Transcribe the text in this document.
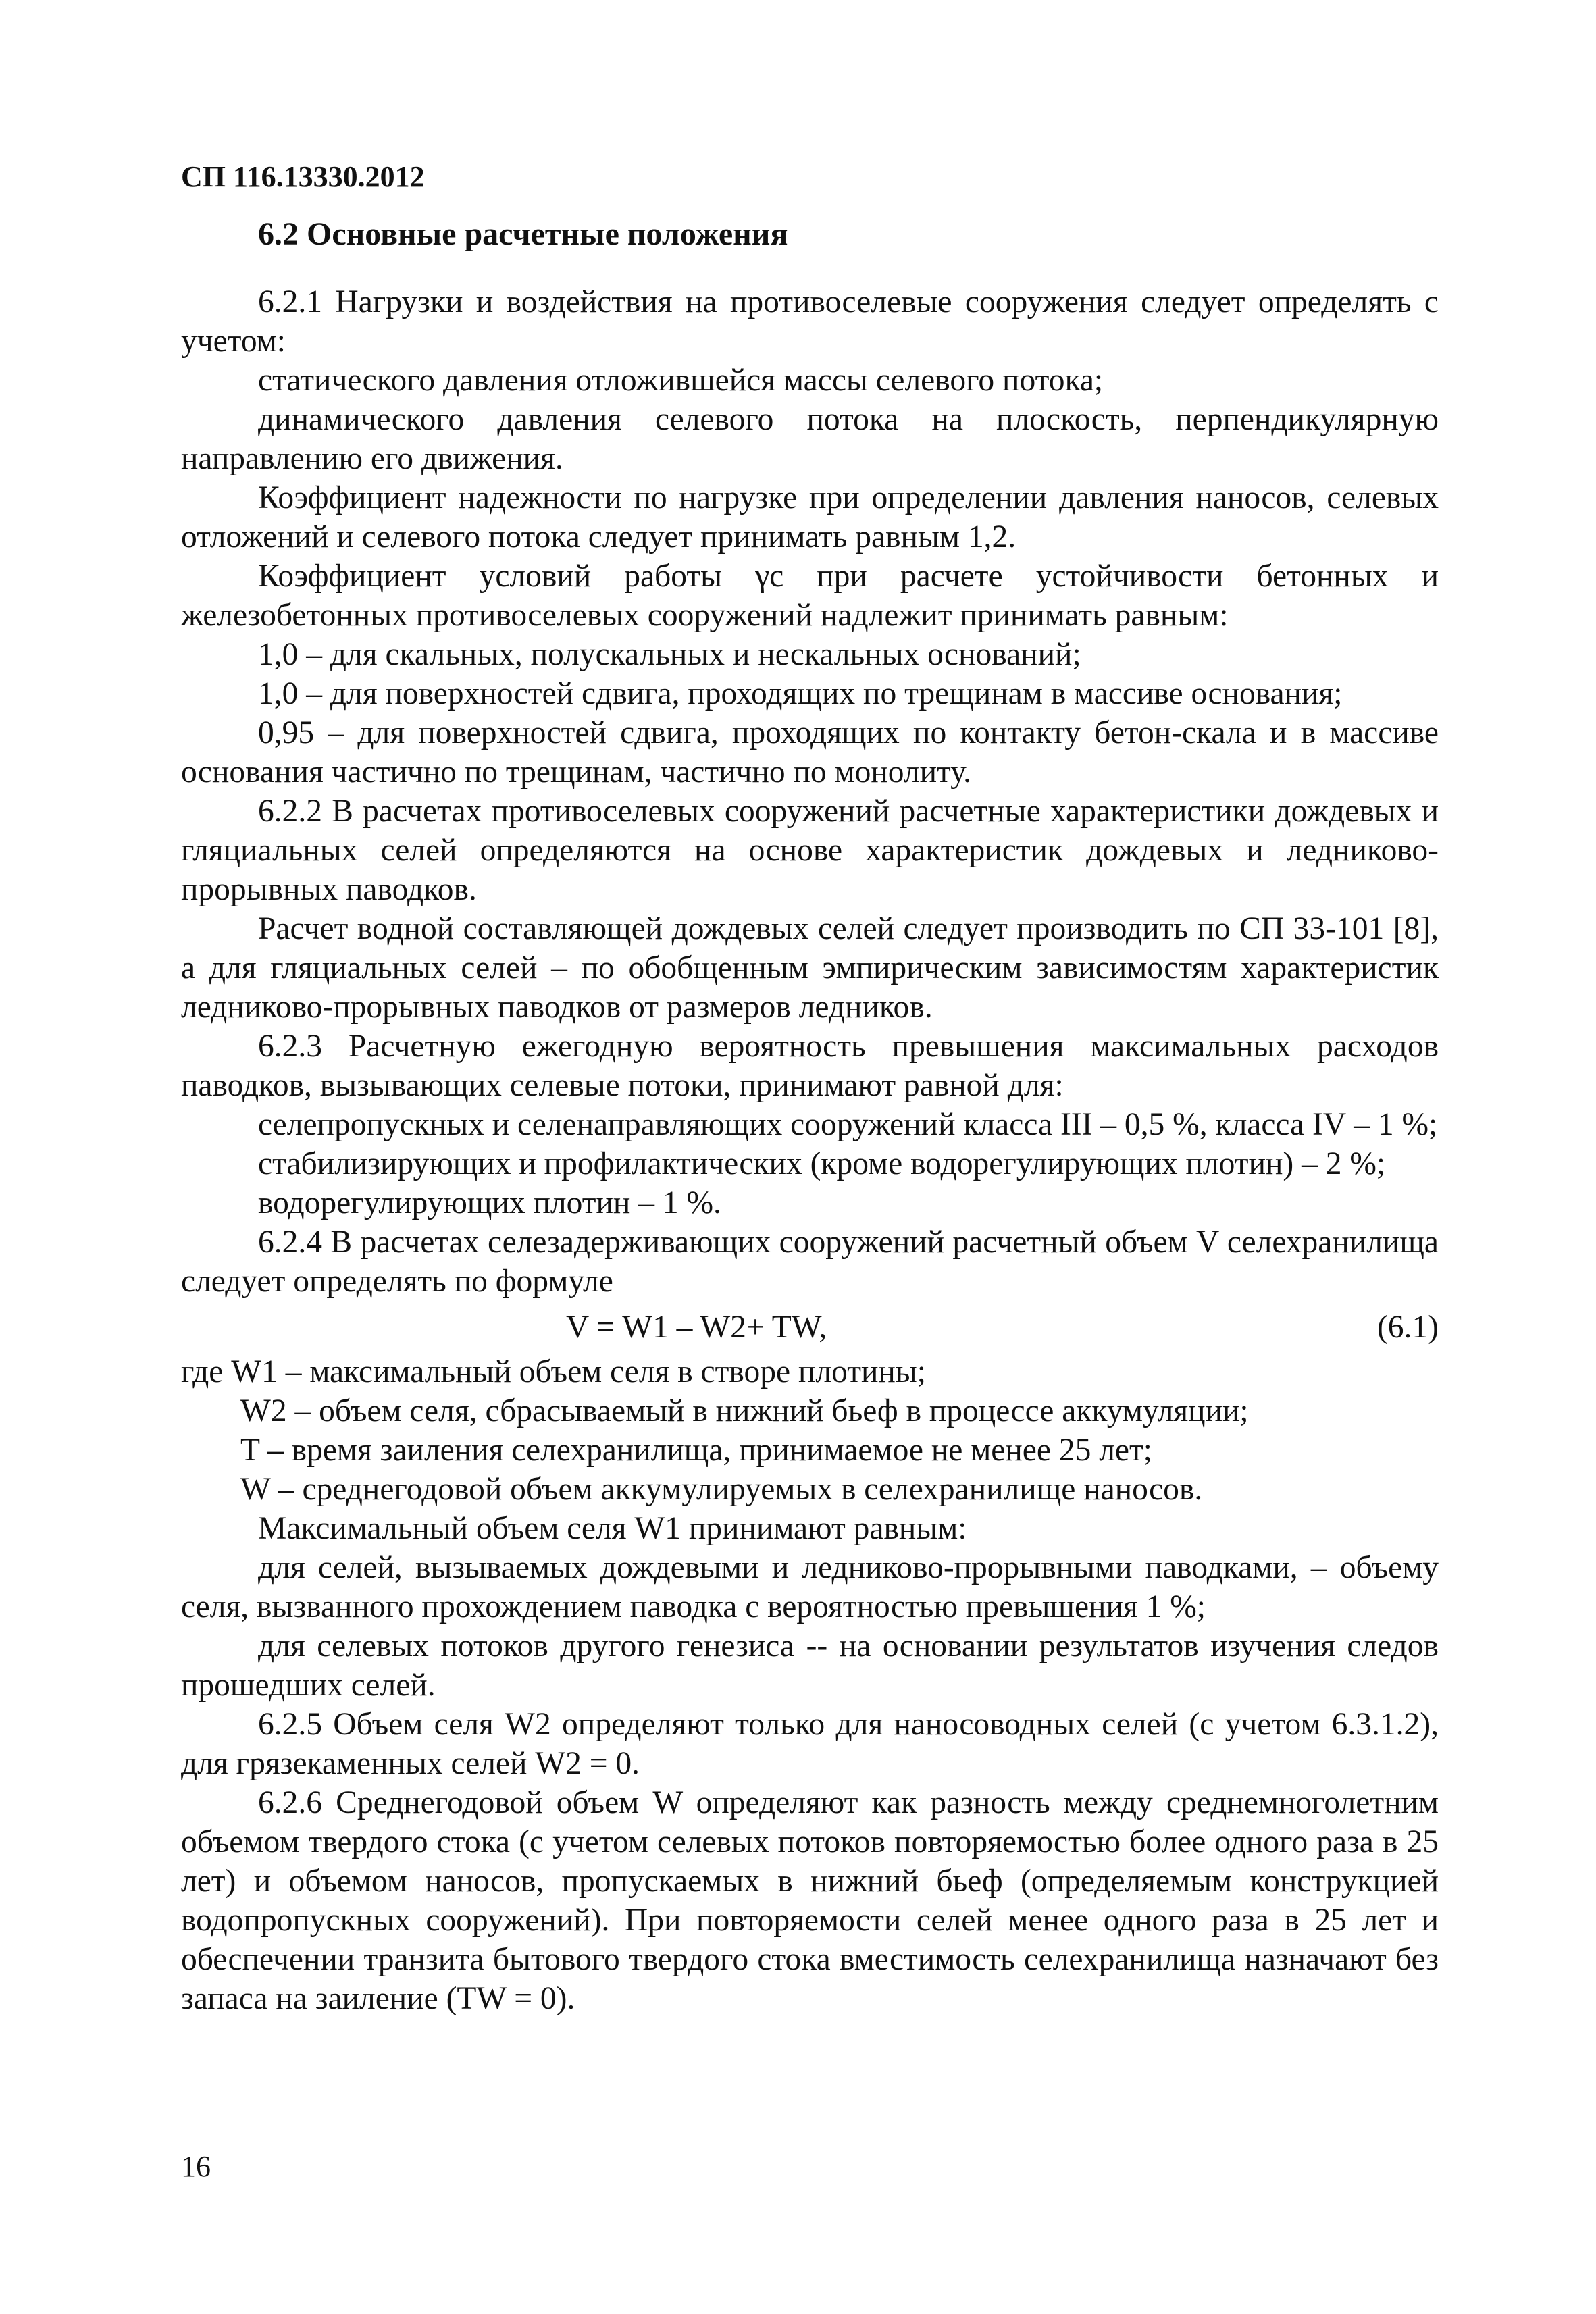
СП 116.13330.2012

6.2 Основные расчетные положения

6.2.1 Нагрузки и воздействия на противоселевые сооружения следует определять с учетом:

статического давления отложившейся массы селевого потока;

динамического давления селевого потока на плоскость, перпендикулярную направлению его движения.

Коэффициент надежности по нагрузке при определении давления наносов, селевых отложений и селевого потока следует принимать равным 1,2.

Коэффициент условий работы γc при расчете устойчивости бетонных и железобетонных противоселевых сооружений надлежит принимать равным:

1,0 – для скальных, полускальных и нескальных оснований;

1,0 – для поверхностей сдвига, проходящих по трещинам в массиве основания;

0,95 – для поверхностей сдвига, проходящих по контакту бетон-скала и в массиве основания частично по трещинам, частично по монолиту.

6.2.2 В расчетах противоселевых сооружений расчетные характеристики дождевых и гляциальных селей определяются на основе характеристик дождевых и ледниково-прорывных паводков.

Расчет водной составляющей дождевых селей следует производить по СП 33-101 [8], а для гляциальных селей – по обобщенным эмпирическим зависимостям характеристик ледниково-прорывных паводков от размеров ледников.

6.2.3 Расчетную ежегодную вероятность превышения максимальных расходов паводков, вызывающих селевые потоки, принимают равной для:

селепропускных и селенаправляющих сооружений класса III – 0,5 %, класса IV – 1 %;

стабилизирующих и профилактических (кроме водорегулирующих плотин) – 2 %;

водорегулирующих плотин – 1 %.

6.2.4 В расчетах селезадерживающих сооружений расчетный объем V селехранилища следует определять по формуле

V = W1 – W2+ TW,	(6.1)

где W1 – максимальный объем селя в створе плотины;

W2 – объем селя, сбрасываемый в нижний бьеф в процессе аккумуляции;

T – время заиления селехранилища, принимаемое не менее 25 лет;

W – среднегодовой объем аккумулируемых в селехранилище наносов.

Максимальный объем селя W1 принимают равным:

для селей, вызываемых дождевыми и ледниково-прорывными паводками, – объему селя, вызванного прохождением паводка с вероятностью превышения 1 %;

для селевых потоков другого генезиса -- на основании результатов изучения следов прошедших селей.

6.2.5 Объем селя W2 определяют только для наносоводных селей (с учетом 6.3.1.2), для грязекаменных селей W2 = 0.

6.2.6 Среднегодовой объем W определяют как разность между среднемноголетним объемом твердого стока (с учетом селевых потоков повторяемостью более одного раза в 25 лет) и объемом наносов, пропускаемых в нижний бьеф (определяемым конструкцией водопропускных сооружений). При повторяемости селей менее одного раза в 25 лет и обеспечении транзита бытового твердого стока вместимость селехранилища назначают без запаса на заиление (TW = 0).

16
